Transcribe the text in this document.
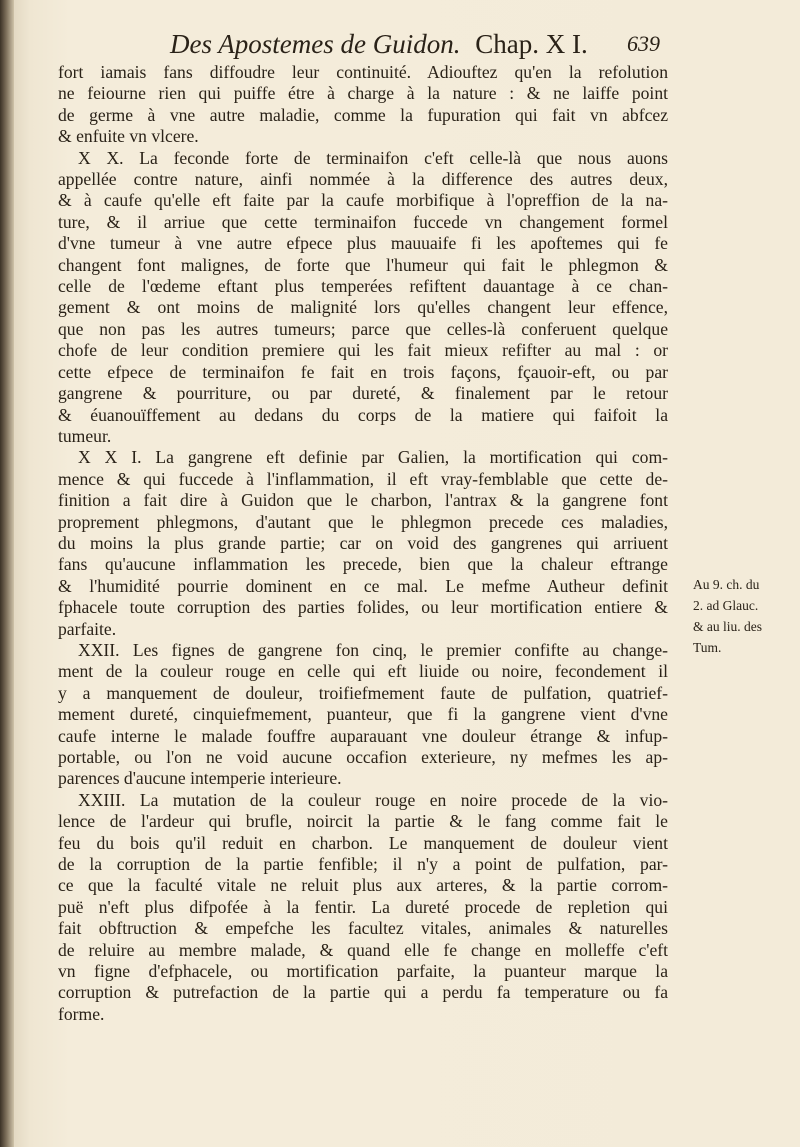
Des Apostemes de Guidon. Chap. X I. 639
fort iamais fans diffoudre leur continuité. Adiouftez qu'en la refolution
ne feiourne rien qui puiffe étre à charge à la nature : & ne laiffe point
de germe à vne autre maladie, comme la fupuration qui fait vn abfcez
& enfuite vn vlcere.
X X. La feconde forte de terminaifon c'eft celle-là que nous auons
appellée contre nature, ainfi nommée à la difference des autres deux,
& à caufe qu'elle eft faite par la caufe morbifique à l'opreffion de la na-
ture, & il arriue que cette terminaifon fuccede vn changement formel
d'vne tumeur à vne autre efpece plus mauuaife fi les apoftemes qui fe
changent font malignes, de forte que l'humeur qui fait le phlegmon &
celle de l'œdeme eftant plus temperées refiftent dauantage à ce chan-
gement & ont moins de malignité lors qu'elles changent leur effence,
que non pas les autres tumeurs; parce que celles-là conferuent quelque
chofe de leur condition premiere qui les fait mieux refifter au mal : or
cette efpece de terminaifon fe fait en trois façons, fçauoir-eft, ou par
gangrene & pourriture, ou par dureté, & finalement par le retour
& éuanouïffement au dedans du corps de la matiere qui faifoit la
tumeur.
X X I. La gangrene eft definie par Galien, la mortification qui com-
mence & qui fuccede à l'inflammation, il eft vray-femblable que cette de-
finition a fait dire à Guidon que le charbon, l'antrax & la gangrene font
proprement phlegmons, d'autant que le phlegmon precede ces maladies,
du moins la plus grande partie; car on void des gangrenes qui arriuent
fans qu'aucune inflammation les precede, bien que la chaleur eftrange
& l'humidité pourrie dominent en ce mal. Le mefme Autheur definit
fphacele toute corruption des parties folides, ou leur mortification entiere &
parfaite.
XXII. Les fignes de gangrene fon cinq, le premier confifte au change-
ment de la couleur rouge en celle qui eft liuide ou noire, fecondement il
y a manquement de douleur, troifiefmement faute de pulfation, quatrief-
mement dureté, cinquiefmement, puanteur, que fi la gangrene vient d'vne
caufe interne le malade fouffre auparauant vne douleur étrange & infup-
portable, ou l'on ne void aucune occafion exterieure, ny mefmes les ap-
parences d'aucune intemperie interieure.
XXIII. La mutation de la couleur rouge en noire procede de la vio-
lence de l'ardeur qui brufle, noircit la partie & le fang comme fait le
feu du bois qu'il reduit en charbon. Le manquement de douleur vient
de la corruption de la partie fenfible; il n'y a point de pulfation, par-
ce que la faculté vitale ne reluit plus aux arteres, & la partie corrom-
puë n'eft plus difpofée à la fentir. La dureté procede de repletion qui
fait obftruction & empefche les facultez vitales, animales & naturelles
de reluire au membre malade, & quand elle fe change en molleffe c'eft
vn figne d'efphacele, ou mortification parfaite, la puanteur marque la
corruption & putrefaction de la partie qui a perdu fa temperature ou fa
forme.
Au 9. ch. du
2. ad Glauc.
& au liu. des
Tum.
